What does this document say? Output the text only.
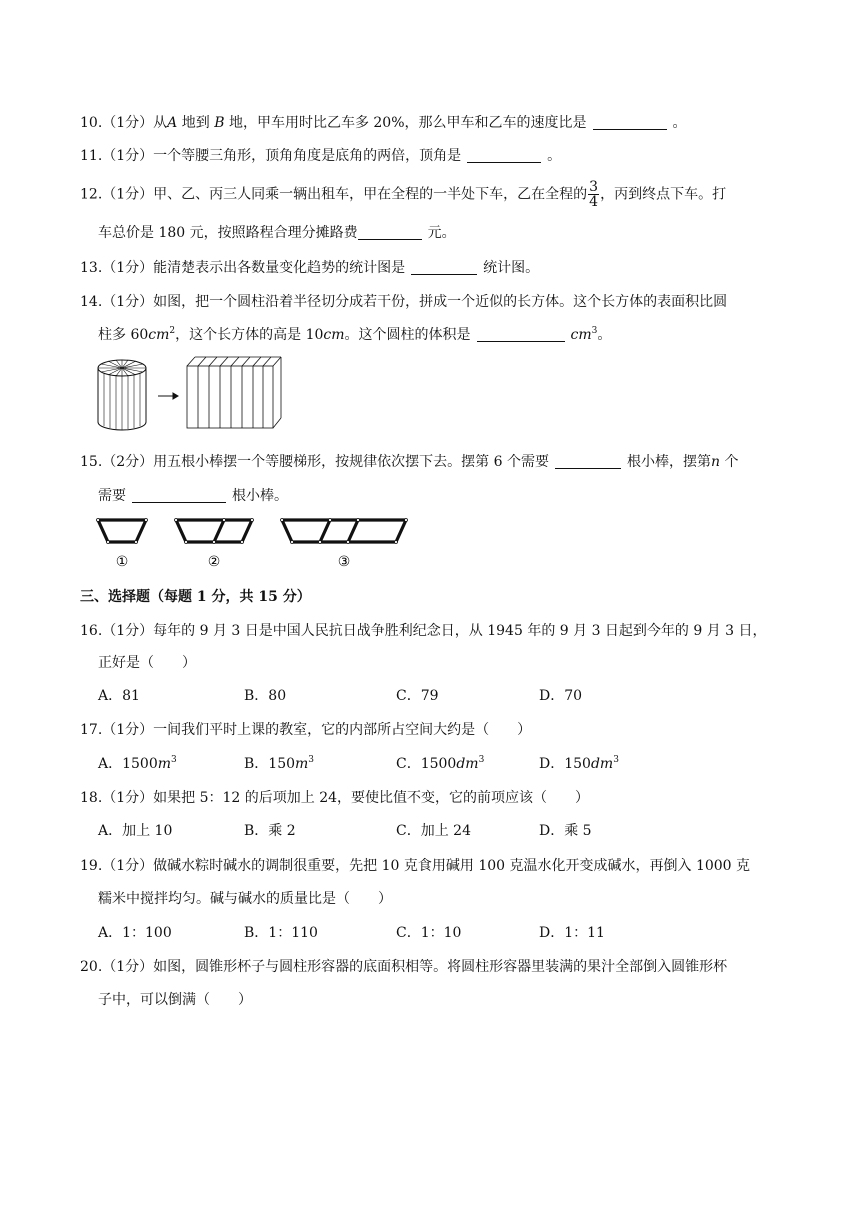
10.（1分）从A 地到 B 地，甲车用时比乙车多 20%，那么甲车和乙车的速度比是	。
11.（1分）一个等腰三角形，顶角角度是底角的两倍，顶角是	。
12.（1分）甲、乙、丙三人同乘一辆出租车，甲在全程的一半处下车，乙在全程的 $\frac{3}{4}$ ，丙到终点下车。打
车总价是 180 元，按照路程合理分摊路费	元。
13.（1分）能清楚表示出各数量变化趋势的统计图是	统计图。
14.（1分）如图，把一个圆柱沿着半径切分成若干份，拼成一个近似的长方体。这个长方体的表面积比圆
柱多 $60cm^2$，这个长方体的高是 10cm。这个圆柱的体积是	$cm^3$。
15.（2分）用五根小棒摆一个等腰梯形，按规律依次摆下去。摆第 6 个需要	根小棒，摆第n 个
需要	根小棒。
①	②	③
三、选择题（每题 1 分，共 15 分）
16.（1分）每年的 9 月 3 日是中国人民抗日战争胜利纪念日，从 1945 年的 9 月 3 日起到今年的 9 月 3 日，
正好是（　　）
A．81	B．80	C．79	D．70
17.（1分）一间我们平时上课的教室，它的内部所占空间大约是（　　）
A．$1500m^3$	B．$150m^3$	C．$1500dm^3$	D．$150dm^3$
18.（1分）如果把 5：12 的后项加上 24，要使比值不变，它的前项应该（　　）
A．加上 10	B．乘 2	C．加上 24	D．乘 5
19.（1分）做碱水粽时碱水的调制很重要，先把 10 克食用碱用 100 克温水化开变成碱水，再倒入 1000 克
糯米中搅拌均匀。碱与碱水的质量比是（　　）
A．1：100	B．1：110	C．1：10	D．1：11
20.（1分）如图，圆锥形杯子与圆柱形容器的底面积相等。将圆柱形容器里装满的果汁全部倒入圆锥形杯
子中，可以倒满（　　）
